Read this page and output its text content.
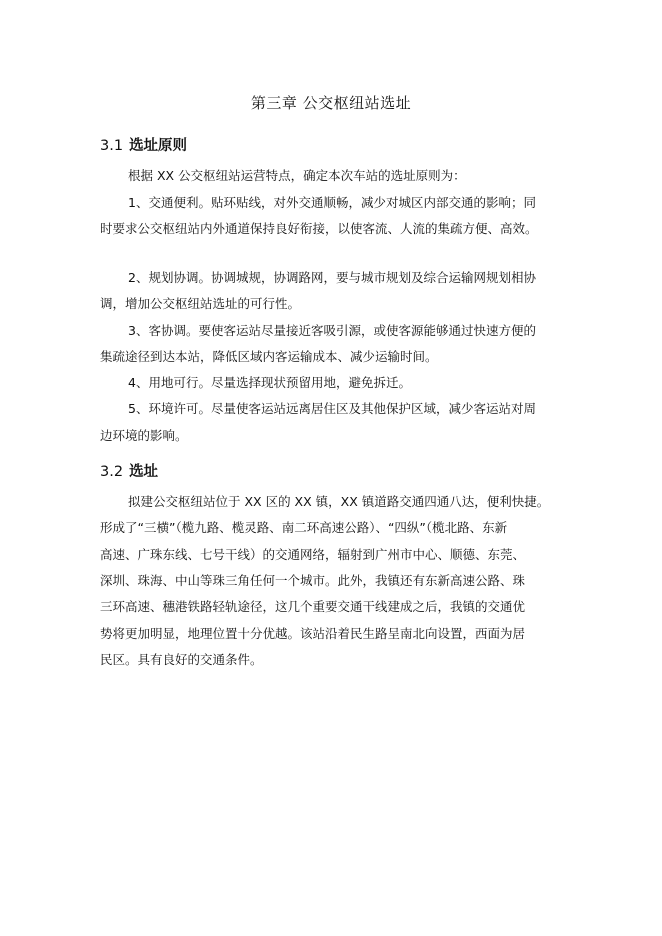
第三章 公交枢纽站选址
3.1 选址原则
根据 XX 公交枢纽站运营特点，确定本次车站的选址原则为：
1、交通便利。贴环贴线，对外交通顺畅，减少对城区内部交通的影响；同
时要求公交枢纽站内外通道保持良好衔接，以使客流、人流的集疏方便、高效。
2、规划协调。协调城规，协调路网，要与城市规划及综合运输网规划相协
调，增加公交枢纽站选址的可行性。
3、客协调。要使客运站尽量接近客吸引源，或使客源能够通过快速方便的
集疏途径到达本站，降低区域内客运输成本、减少运输时间。
4、用地可行。尽量选择现状预留用地，避免拆迁。
5、环境许可。尽量使客运站远离居住区及其他保护区域，减少客运站对周
边环境的影响。
3.2 选址
拟建公交枢纽站位于 XX 区的 XX 镇，XX 镇道路交通四通八达，便利快捷。
形成了“三横”（榄九路、榄灵路、南二环高速公路）、“四纵”（榄北路、东新
高速、广珠东线、七号干线）的交通网络，辐射到广州市中心、顺德、东莞、
深圳、珠海、中山等珠三角任何一个城市。此外，我镇还有东新高速公路、珠
三环高速、穗港铁路轻轨途径，这几个重要交通干线建成之后，我镇的交通优
势将更加明显，地理位置十分优越。该站沿着民生路呈南北向设置，西面为居
民区。具有良好的交通条件。
